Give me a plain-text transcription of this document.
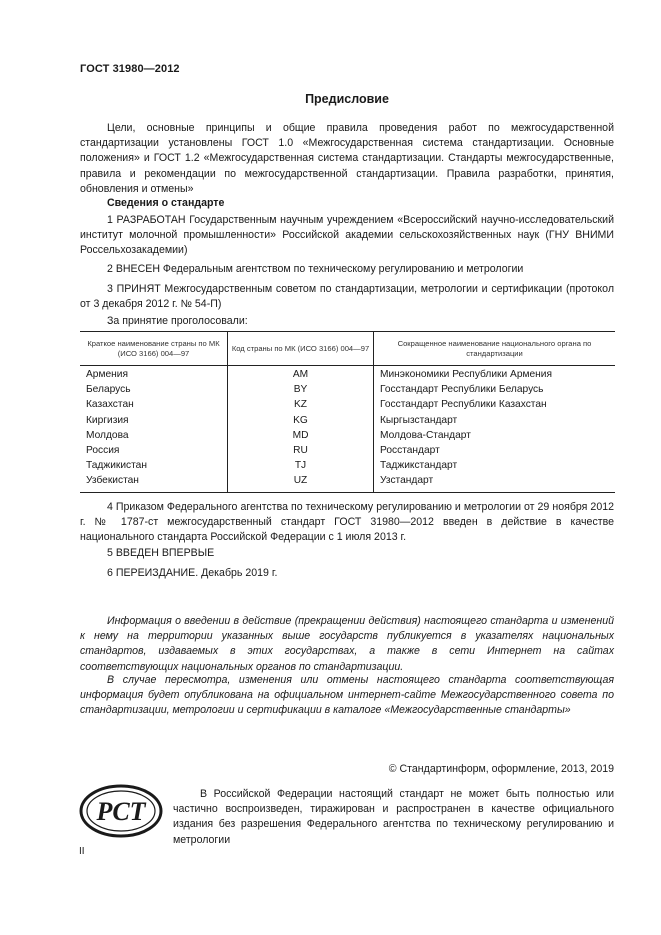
ГОСТ 31980—2012
Предисловие
Цели, основные принципы и общие правила проведения работ по межгосударственной стандартизации установлены ГОСТ 1.0 «Межгосударственная система стандартизации. Основные положения» и ГОСТ 1.2 «Межгосударственная система стандартизации. Стандарты межгосударственные, правила и рекомендации по межгосударственной стандартизации. Правила разработки, принятия, обновления и отмены»
Сведения о стандарте
1 РАЗРАБОТАН Государственным научным учреждением «Всероссийский научно-исследовательский институт молочной промышленности» Российской академии сельскохозяйственных наук (ГНУ ВНИМИ Россельхозакадемии)
2 ВНЕСЕН Федеральным агентством по техническому регулированию и метрологии
3 ПРИНЯТ Межгосударственным советом по стандартизации, метрологии и сертификации (протокол от 3 декабря 2012 г. № 54-П)
За принятие проголосовали:
Краткое наименование страны по МК (ИСО 3166) 004—97	Код страны по МК (ИСО 3166) 004—97	Сокращенное наименование национального органа по стандартизации
Армения	AM	Минэкономики Республики Армения
Беларусь	BY	Госстандарт Республики Беларусь
Казахстан	KZ	Госстандарт Республики Казахстан
Киргизия	KG	Кыргызстандарт
Молдова	MD	Молдова-Стандарт
Россия	RU	Росстандарт
Таджикистан	TJ	Таджикстандарт
Узбекистан	UZ	Узстандарт
4 Приказом Федерального агентства по техническому регулированию и метрологии от 29 ноября 2012 г. № 1787-ст межгосударственный стандарт ГОСТ 31980—2012 введен в действие в качестве национального стандарта Российской Федерации с 1 июля 2013 г.
5 ВВЕДЕН ВПЕРВЫЕ
6 ПЕРЕИЗДАНИЕ. Декабрь 2019 г.
Информация о введении в действие (прекращении действия) настоящего стандарта и изменений к нему на территории указанных выше государств публикуется в указателях национальных стандартов, издаваемых в этих государствах, а также в сети Интернет на сайтах соответствующих национальных органов по стандартизации.
В случае пересмотра, изменения или отмены настоящего стандарта соответствующая информация будет опубликована на официальном интернет-сайте Межгосударственного совета по стандартизации, метрологии и сертификации в каталоге «Межгосударственные стандарты»
© Стандартинформ, оформление, 2013, 2019
РСТ
В Российской Федерации настоящий стандарт не может быть полностью или частично воспроизведен, тиражирован и распространен в качестве официального издания без разрешения Федерального агентства по техническому регулированию и метрологии
II
